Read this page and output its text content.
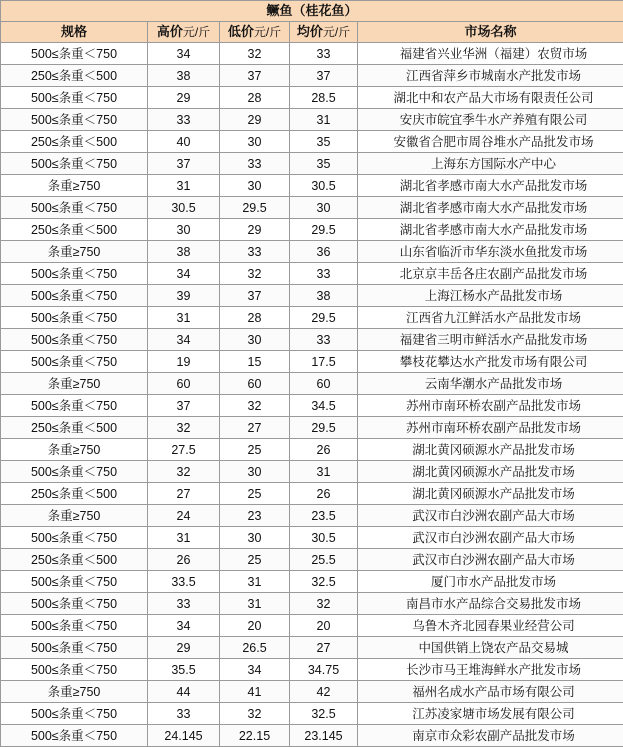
鳜鱼（桂花鱼）				
规格	高价元/斤	低价元/斤	均价元/斤	市场名称
500≤条重＜750	34	32	33	福建省兴业华洲（福建）农贸市场
250≤条重＜500	38	37	37	江西省萍乡市城南水产批发市场
500≤条重＜750	29	28	28.5	湖北中和农产品大市场有限责任公司
500≤条重＜750	33	29	31	安庆市皖宜季牛水产养殖有限公司
250≤条重＜500	40	30	35	安徽省合肥市周谷堆水产品批发市场
500≤条重＜750	37	33	35	上海东方国际水产中心
条重≥750	31	30	30.5	湖北省孝感市南大水产品批发市场
500≤条重＜750	30.5	29.5	30	湖北省孝感市南大水产品批发市场
250≤条重＜500	30	29	29.5	湖北省孝感市南大水产品批发市场
条重≥750	38	33	36	山东省临沂市华东淡水鱼批发市场
500≤条重＜750	34	32	33	北京京丰岳各庄农副产品批发市场
500≤条重＜750	39	37	38	上海江杨水产品批发市场
500≤条重＜750	31	28	29.5	江西省九江鲜活水产品批发市场
500≤条重＜750	34	30	33	福建省三明市鲜活水产品批发市场
500≤条重＜750	19	15	17.5	攀枝花攀达水产批发市场有限公司
条重≥750	60	60	60	云南华潮水产品批发市场
500≤条重＜750	37	32	34.5	苏州市南环桥农副产品批发市场
250≤条重＜500	32	27	29.5	苏州市南环桥农副产品批发市场
条重≥750	27.5	25	26	湖北黄冈硕源水产品批发市场
500≤条重＜750	32	30	31	湖北黄冈硕源水产品批发市场
250≤条重＜500	27	25	26	湖北黄冈硕源水产品批发市场
条重≥750	24	23	23.5	武汉市白沙洲农副产品大市场
500≤条重＜750	31	30	30.5	武汉市白沙洲农副产品大市场
250≤条重＜500	26	25	25.5	武汉市白沙洲农副产品大市场
500≤条重＜750	33.5	31	32.5	厦门市水产品批发市场
500≤条重＜750	33	31	32	南昌市水产品综合交易批发市场
500≤条重＜750	34	20	20	乌鲁木齐北园春果业经营公司
500≤条重＜750	29	26.5	27	中国供销上饶农产品交易城
500≤条重＜750	35.5	34	34.75	长沙市马王堆海鲜水产批发市场
条重≥750	44	41	42	福州名成水产品市场有限公司
500≤条重＜750	33	32	32.5	江苏凌家塘市场发展有限公司
500≤条重＜750	24.145	22.15	23.145	南京市众彩农副产品批发市场
